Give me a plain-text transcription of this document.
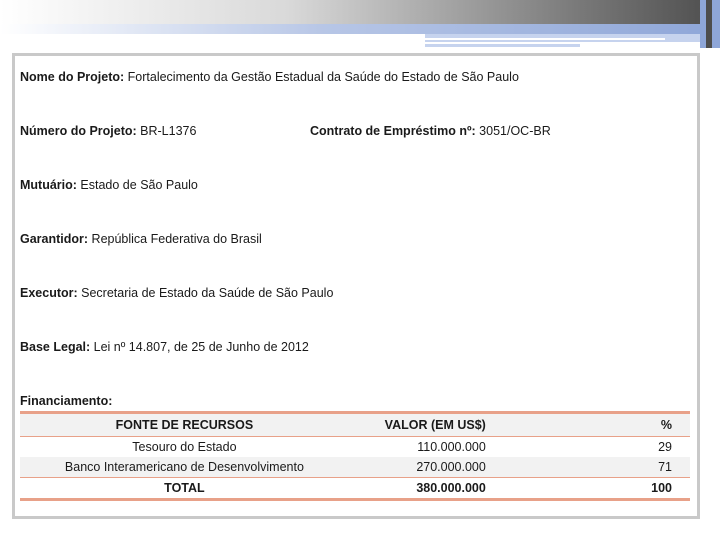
Nome do Projeto: Fortalecimento da Gestão Estadual da Saúde do Estado de São Paulo
Número do Projeto: BR-L1376	Contrato de Empréstimo nº: 3051/OC-BR
Mutuário: Estado de São Paulo
Garantidor: República Federativa do Brasil
Executor: Secretaria de Estado da Saúde de São Paulo
Base Legal: Lei nº 14.807, de 25 de Junho de 2012
Financiamento:
FONTE DE RECURSOS	VALOR (EM US$)	%
Tesouro do Estado	110.000.000	29
Banco Interamericano de Desenvolvimento	270.000.000	71
TOTAL	380.000.000	100
